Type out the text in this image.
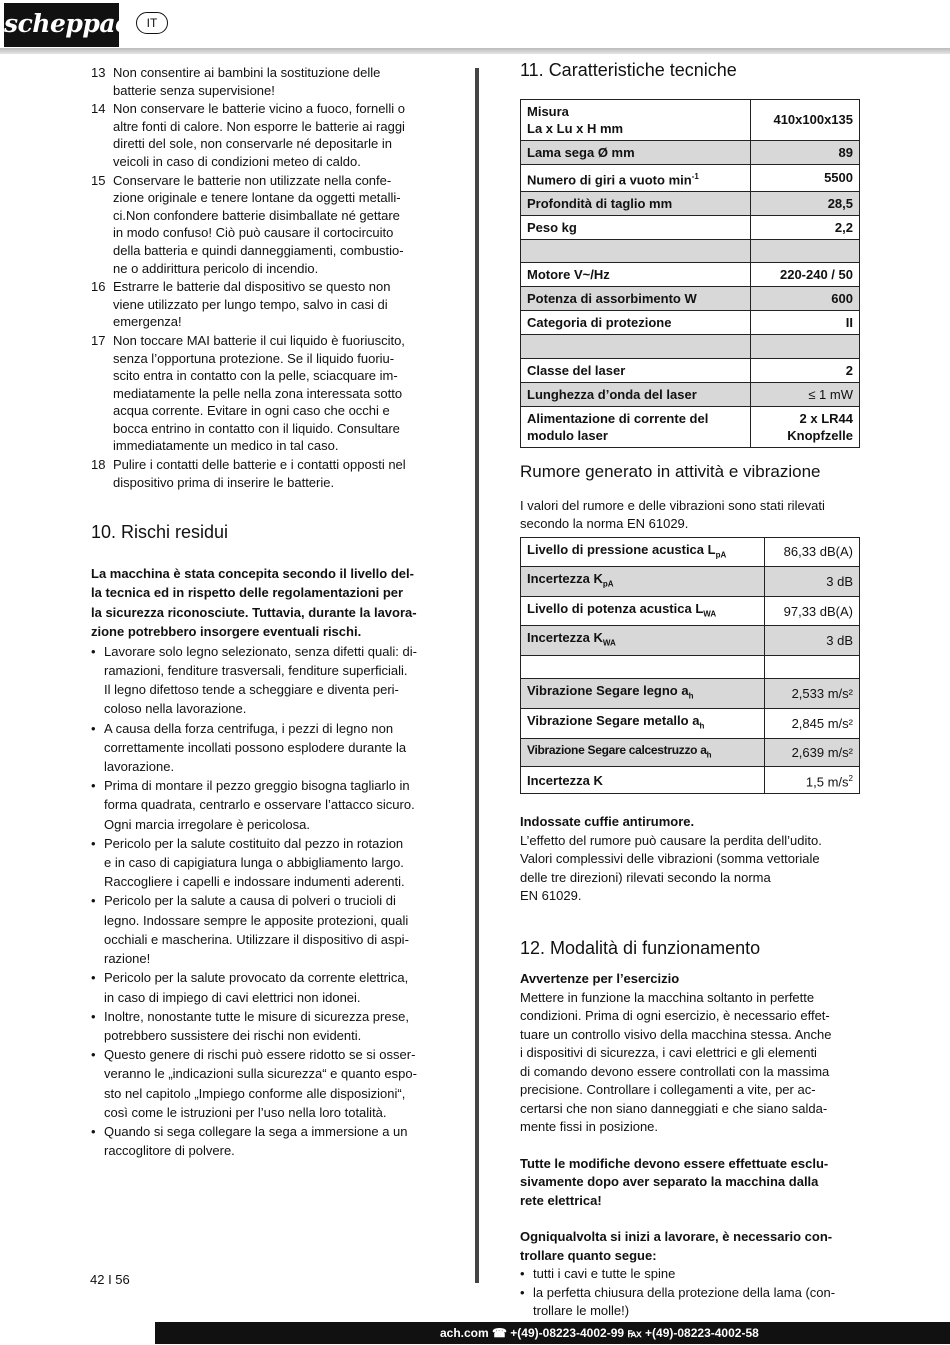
scheppach IT
13 Non consentire ai bambini la sostituzione delle
batterie senza supervisione!
14 Non conservare le batterie vicino a fuoco, fornelli o
altre fonti di calore. Non esporre le batterie ai raggi
diretti del sole, non conservarle né depositarle in
veicoli in caso di condizioni meteo di caldo.
15 Conservare le batterie non utilizzate nella confe-
zione originale e tenere lontane da oggetti metalli-
ci.Non confondere batterie disimballate né gettare
in modo confuso! Ciò può causare il cortocircuito
della batteria e quindi danneggiamenti, combustio-
ne o addirittura pericolo di incendio.
16 Estrarre le batterie dal dispositivo se questo non
viene utilizzato per lungo tempo, salvo in casi di
emergenza!
17 Non toccare MAI batterie il cui liquido è fuoriuscito,
senza l’opportuna protezione. Se il liquido fuoriu-
scito entra in contatto con la pelle, sciacquare im-
mediatamente la pelle nella zona interessata sotto
acqua corrente. Evitare in ogni caso che occhi e
bocca entrino in contatto con il liquido. Consultare
immediatamente un medico in tal caso.
18 Pulire i contatti delle batterie e i contatti opposti nel
dispositivo prima di inserire le batterie.
10. Rischi residui
La macchina è stata concepita secondo il livello del-
la tecnica ed in rispetto delle regolamentazioni per
la sicurezza riconosciute. Tuttavia, durante la lavora-
zione potrebbero insorgere eventuali rischi.
• Lavorare solo legno selezionato, senza difetti quali: di-
ramazioni, fenditure trasversali, fenditure superficiali.
Il legno difettoso tende a scheggiare e diventa peri-
coloso nella lavorazione.
• A causa della forza centrifuga, i pezzi di legno non
correttamente incollati possono esplodere durante la
lavorazione.
• Prima di montare il pezzo greggio bisogna tagliarlo in
forma quadrata, centrarlo e osservare l’attacco sicuro.
Ogni marcia irregolare è pericolosa.
• Pericolo per la salute costituito dal pezzo in rotazion
e in caso di capigiatura lunga o abbigliamento largo.
Raccogliere i capelli e indossare indumenti aderenti.
• Pericolo per la salute a causa di polveri o trucioli di
legno. Indossare sempre le apposite protezioni, quali
occhiali e mascherina. Utilizzare il dispositivo di aspi-
razione!
• Pericolo per la salute provocato da corrente elettrica,
in caso di impiego di cavi elettrici non idonei.
• Inoltre, nonostante tutte le misure di sicurezza prese,
potrebbero sussistere dei rischi non evidenti.
• Questo genere di rischi può essere ridotto se si osser-
veranno le „indicazioni sulla sicurezza“ e quanto espo-
sto nel capitolo „Impiego conforme alle disposizioni“,
così come le istruzioni per l’uso nella loro totalità.
• Quando si sega collegare la sega a immersione a un
raccoglitore di polvere.
42 I 56
11. Caratteristiche tecniche
Misura
La x Lu x H mm	410x100x135
Lama sega Ø mm	89
Numero di giri a vuoto $\min^{-1}$	5500
Profondità di taglio mm	28,5
Peso kg	2,2

Motore V~/Hz	220-240 / 50
Potenza di assorbimento W	600
Categoria di protezione	II

Classe del laser	2
Lunghezza d’onda del laser	≤ 1 mW
Alimentazione di corrente del
modulo laser	2 x LR44
Knopfzelle
Rumore generato in attività e vibrazione
I valori del rumore e delle vibrazioni sono stati rilevati
secondo la norma EN 61029.
Livello di pressione acustica $L_{pA}$	86,33 dB(A)
Incertezza $K_{pA}$	3 dB
Livello di potenza acustica $L_{WA}$	97,33 dB(A)
Incertezza $K_{WA}$	3 dB

Vibrazione Segare legno $a_h$	2,533 m/s²
Vibrazione Segare metallo $a_h$	2,845 m/s²
Vibrazione Segare calcestruzzo $a_h$	2,639 m/s²
Incertezza K	1,5 $m/s^2$
Indossate cuffie antirumore.
L’effetto del rumore può causare la perdita dell’udito.
Valori complessivi delle vibrazioni (somma vettoriale
delle tre direzioni) rilevati secondo la norma
EN 61029.
12. Modalità di funzionamento
Avvertenze per l’esercizio
Mettere in funzione la macchina soltanto in perfette
condizioni. Prima di ogni esercizio, è necessario effet-
tuare un controllo visivo della macchina stessa. Anche
i dispositivi di sicurezza, i cavi elettrici e gli elementi
di comando devono essere controllati con la massima
precisione. Controllare i collegamenti a vite, per ac-
certarsi che non siano danneggiati e che siano salda-
mente fissi in posizione.
Tutte le modifiche devono essere effettuate esclu-
sivamente dopo aver separato la macchina dalla
rete elettrica!
Ogniqualvolta si inizi a lavorare, è necessario con-
trollare quanto segue:
• tutti i cavi e tutte le spine
• la perfetta chiusura della protezione della lama (con-
trollare le molle!)
ach.com ☎ +(49)-08223-4002-99 ℻ +(49)-08223-4002-58
